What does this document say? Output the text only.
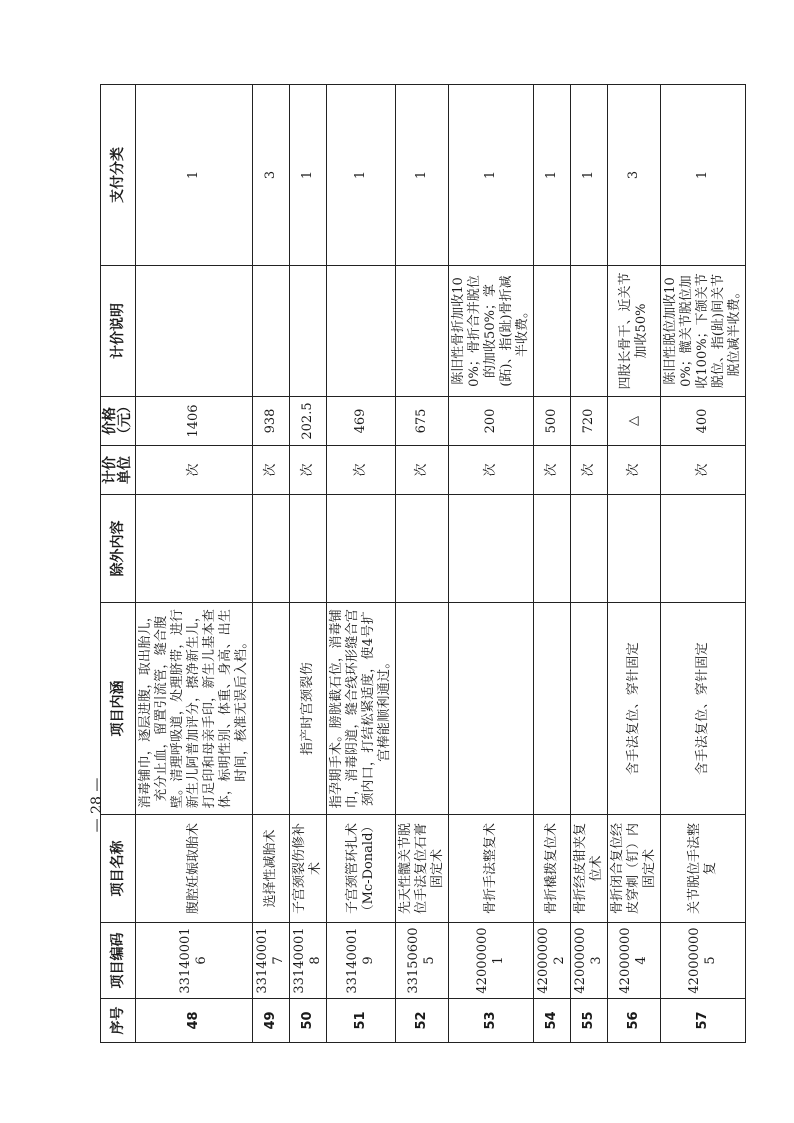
序号	项目编码	项目名称	项目内涵	除外内容	计价单位	价格（元）	计价说明	支付分类
48	331400016	腹腔妊娠取胎术	消毒铺巾，逐层进腹，取出胎儿，充分止血，留置引流管，缝合腹壁。清理呼吸道，处理脐带，进行新生儿阿普加评分，擦净新生儿，打足印和母亲手印，新生儿基本查体，标明性别、体重、身高、出生时间，核准无误后入档。		次	1406		1
49	331400017	选择性减胎术			次	938		3
50	331400018	子宫颈裂伤修补术	指产时宫颈裂伤		次	202.5		1
51	331400019	子宫颈管环扎术（Mc-Donald）	指孕期手术。膀胱截石位，消毒铺巾，消毒阴道，缝合线环形缝合宫颈内口，打结松紧适度，使4号扩宫棒能顺利通过。		次	469		1
52	331506005	先天性髋关节脱位手法复位石膏固定术			次	675		1
53	420000001	骨折手法整复术			次	200	陈旧性骨折加收100%；骨折合并脱位的加收50%；掌(跖)、指(趾)骨折减半收费。	1
54	420000002	骨折橇拨复位术			次	500		1
55	420000003	骨折经皮钳夹复位术			次	720		1
56	420000004	骨折闭合复位经皮穿刺（钉）内固定术	含手法复位、穿针固定		次	△	四肢长骨干、近关节加收50%	3
57	420000005	关节脱位手法整复	含手法复位、穿针固定		次	400	陈旧性脱位加收100%；髋关节脱位加收100%；下颌关节脱位、指(趾)间关节脱位减半收费。	1
— 28 —
